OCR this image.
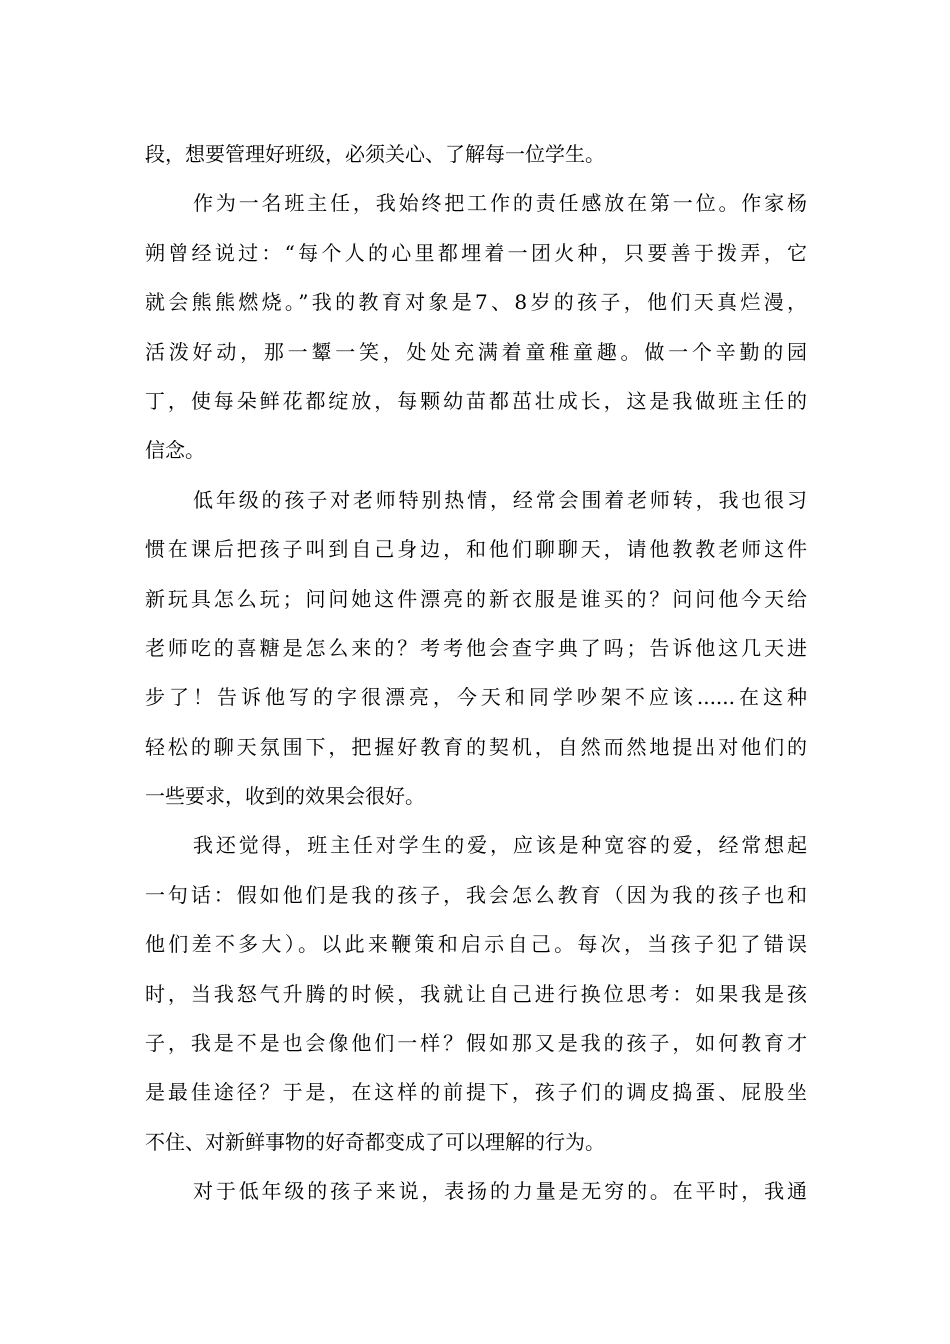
段，想要管理好班级，必须关心、了解每一位学生。
作为一名班主任，我始终把工作的责任感放在第一位。作家杨
朔曾经说过：“每个人的心里都埋着一团火种，只要善于拨弄，它
就会熊熊燃烧。”我的教育对象是7、8岁的孩子，他们天真烂漫，
活泼好动，那一颦一笑，处处充满着童稚童趣。做一个辛勤的园
丁，使每朵鲜花都绽放，每颗幼苗都茁壮成长，这是我做班主任的
信念。
低年级的孩子对老师特别热情，经常会围着老师转，我也很习
惯在课后把孩子叫到自己身边，和他们聊聊天，请他教教老师这件
新玩具怎么玩；问问她这件漂亮的新衣服是谁买的？问问他今天给
老师吃的喜糖是怎么来的？考考他会查字典了吗；告诉他这几天进
步了！告诉他写的字很漂亮，今天和同学吵架不应该......在这种
轻松的聊天氛围下，把握好教育的契机，自然而然地提出对他们的
一些要求，收到的效果会很好。
我还觉得，班主任对学生的爱，应该是种宽容的爱，经常想起
一句话：假如他们是我的孩子，我会怎么教育（因为我的孩子也和
他们差不多大）。以此来鞭策和启示自己。每次，当孩子犯了错误
时，当我怒气升腾的时候，我就让自己进行换位思考：如果我是孩
子，我是不是也会像他们一样？假如那又是我的孩子，如何教育才
是最佳途径？于是，在这样的前提下，孩子们的调皮捣蛋、屁股坐
不住、对新鲜事物的好奇都变成了可以理解的行为。
对于低年级的孩子来说，表扬的力量是无穷的。在平时，我通
